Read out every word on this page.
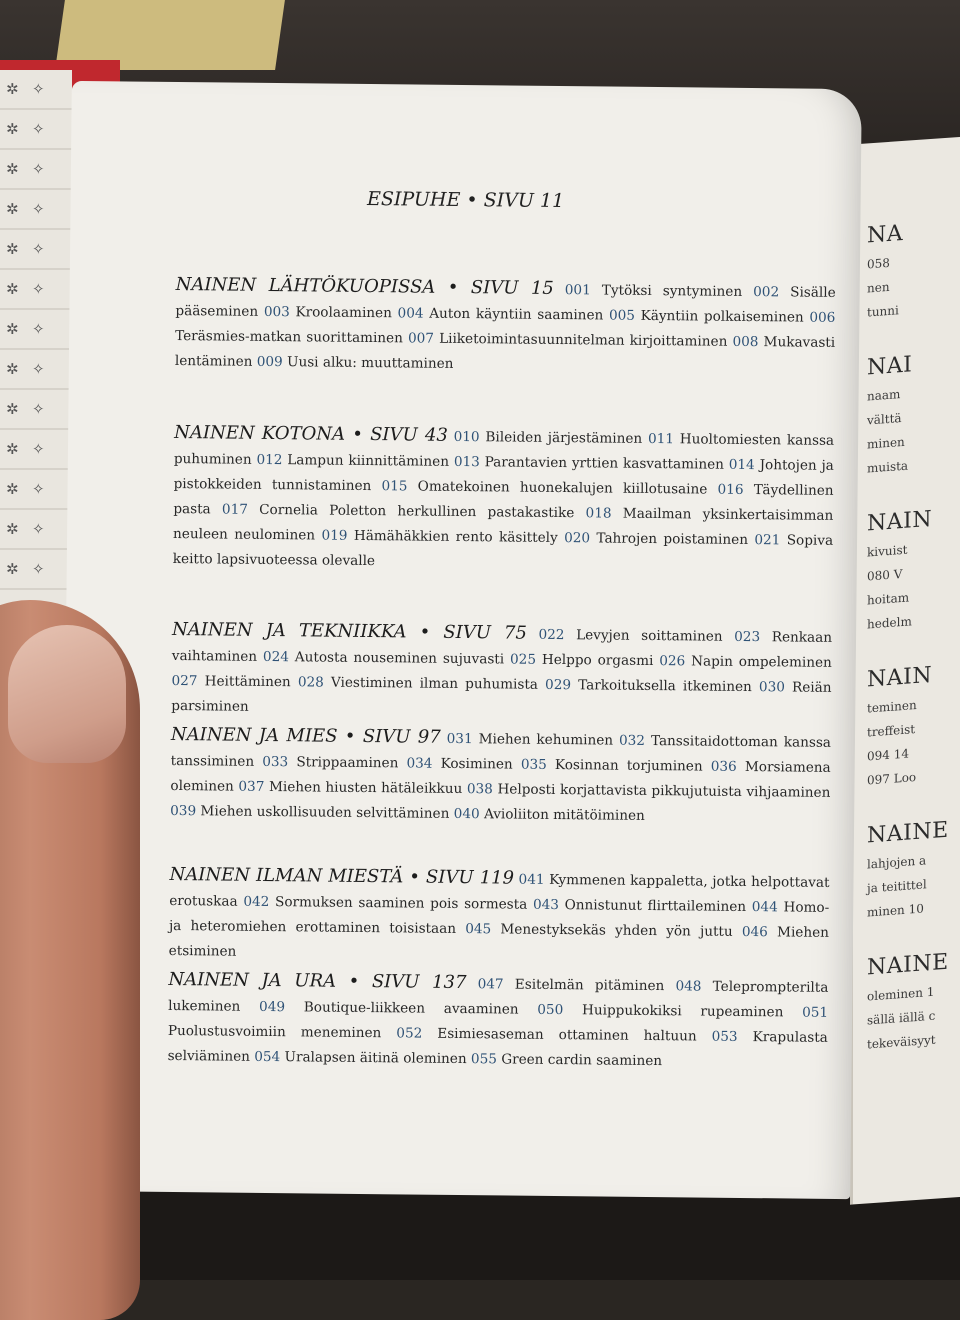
✲ ✧
✲ ✧
✲ ✧
✲ ✧
✲ ✧
✲ ✧
✲ ✧
✲ ✧
✲ ✧
✲ ✧
✲ ✧
✲ ✧
✲ ✧
NA
058
nen
tunni
NAI
naam
välttä
minen
muista
NAIN
kivuist
080 V
hoitam
hedelm
NAIN
teminen
treffeist
094 14
097 Loo
NAINE
lahjojen a
ja teitittel
minen 10
NAINE
oleminen 1
sällä iällä c
tekeväisyyt
ESIPUHE • SIVU 11

NAINEN LÄHTÖKUOPISSA • SIVU 15 001 Tytöksi syntyminen 002 Sisälle pääseminen 003 Kroolaaminen 004 Auton käyntiin saaminen 005 Käyntiin polkaiseminen 006 Teräsmies-matkan suorittaminen 007 Liiketoimintasuunnitelman kirjoittaminen 008 Mukavasti lentäminen 009 Uusi alku: muuttaminen

NAINEN KOTONA • SIVU 43 010 Bileiden järjestäminen 011 Huoltomiesten kanssa puhuminen 012 Lampun kiinnittäminen 013 Parantavien yrttien kasvattaminen 014 Johtojen ja pistokkeiden tunnistaminen 015 Omatekoinen huonekalujen kiillotusaine 016 Täydellinen pasta 017 Cornelia Poletton herkullinen pastakastike 018 Maailman yksinkertaisimman neuleen neulominen 019 Hämähäkkien rento käsittely 020 Tahrojen poistaminen 021 Sopiva keitto lapsivuoteessa olevalle

NAINEN JA TEKNIIKKA • SIVU 75 022 Levyjen soittaminen 023 Renkaan vaihtaminen 024 Autosta nouseminen sujuvasti 025 Helppo orgasmi 026 Napin ompeleminen 027 Heittäminen 028 Viestiminen ilman puhumista 029 Tarkoituksella itkeminen 030 Reiän parsiminen

NAINEN JA MIES • SIVU 97 031 Miehen kehuminen 032 Tanssitaidottoman kanssa tanssiminen 033 Strippaaminen 034 Kosiminen 035 Kosinnan torjuminen 036 Morsiamena oleminen 037 Miehen hiusten hätäleikkuu 038 Helposti korjattavista pikkujutuista vihjaaminen 039 Miehen uskollisuuden selvittäminen 040 Avioliiton mitätöiminen

NAINEN ILMAN MIESTÄ • SIVU 119 041 Kymmenen kappaletta, jotka helpottavat erotuskaa 042 Sormuksen saaminen pois sormesta 043 Onnistunut flirttaileminen 044 Homo- ja heteromiehen erottaminen toisistaan 045 Menestyksekäs yhden yön juttu 046 Miehen etsiminen

NAINEN JA URA • SIVU 137 047 Esitelmän pitäminen 048 Teleprompterilta lukeminen 049 Boutique-liikkeen avaaminen 050 Huippukokiksi rupeaminen 051 Puolustusvoimiin meneminen 052 Esimiesaseman ottaminen haltuun 053 Krapulasta selviäminen 054 Uralapsen äitinä oleminen 055 Green cardin saaminen
